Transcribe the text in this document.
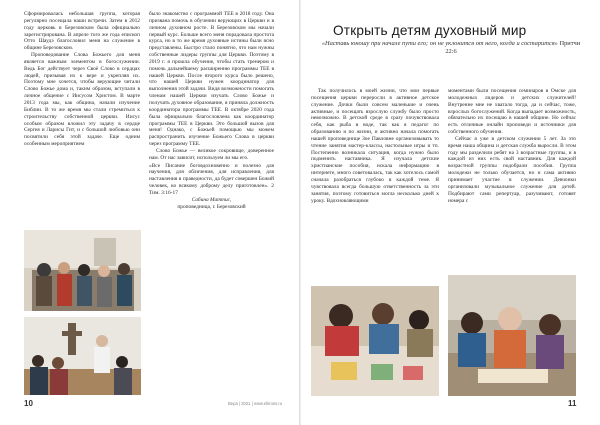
Сформировалась небольшая группа, которая регулярно посещала наши встречи. Затем в 2012 году церковь в Березовском была официально зарегистрирована. В апреле того же года епископ Отто Шаудэ благословил меня на служение в общине Березовском.

Проповедование Слова Божьего для меня является важным элементом в богослужении. Ведь Бог действует через Своё Слово в сердцах людей, призывая их к вере и укрепляя их. Поэтому мне хочется, чтобы верующие читали Слово Божье дома и, таким образом, вступали в личное общение с Иисусом Христом. В марте 2013 года мы, как община, начали изучение Библии. В то же время мы стали стремиться к строительству собственной церкви. Иисус особым образом вложил эту задачу в сердце Сергея и Ларисы Гит, и с большой любовью они посвятили себя этой задаче. Еще одним особенным мероприятием

было знакомство с программой ТЕЕ в 2018 году. Она призвана помочь в обучении верующих в Церкви и в личном духовном росте. В Березовском мы начали первый курс. Больше всего меня порадовала простота курса, но в то же время духовные истины были ясно представлены. Быстро стало понятно, что нам нужны собственные лидеры группы для Церкви. Поэтому в 2019 г. я прошла обучение, чтобы стать тренером и помочь дальнейшему расширению программы ТЕЕ в нашей Церкви. После второго курса было решено, что нашей Церкви нужен координатор для выполнения этой задачи. Видя возможности помогать членам нашей Церкви изучать Слово Божье и получать духовное образование, я приняла должность координатора программы ТЕЕ. В октябре 2020 года была официально благословлена как координатор программы ТЕЕ в Церкви. Это большой вызов для меня! Однако, с Божьей помощью мы можем распространить изучение Божьего Слова в церкви через программу ТЕЕ.

Слово Божье — великое сокровище, доверенное нам. От нас зависит, используем ли мы его.

«Все Писание боговдохновенно и полезно для научения, для обличения, для исправления, для наставления в праведности, да будет совершен Божий человек, ко всякому доброму делу приготовлен». 2 Тим. 3:16-17

Сабина Маттис,

проповедница, г. Березовский

10	Вера | 2021 | www.elkruss.ru
Открыть детям духовный мир
«Наставь юношу при начале пути его; он не уклонится от него, когда и состарится» Притчи 22:6

Так получилось в моей жизни, что мои первые посещения церкви переросли в активное детское служение. Дочки были совсем маленькие и очень активные, и посещать взрослую службу было просто невозможно. В детской среде в сразу почувствовала себя, как рыба в воде, так как я педагог по образованию и по жизни, и активно начала помогать нашей проповеднице Зое Павловне организовывать то чтение занятия мастер-классы, настольные игры и тп. Постепенно возникала ситуация, когда нужно было подменить наставника. Я изучала детские христианские пособия, искала информацию в интернете, много советовалась, так как хотелось самой сначала разобраться глубоко в каждой теме. Я чувствовала всегда большую ответственность за эти занятия, поэтому готовиться могла несколько дней к уроку. Вдохновляющими

моментами были посещения семинаров в Омске для молодежных лидеров и детских служителей! Внутренне мне не хватало тогда, да и сейчас, тоже, взрослых богослужений. Когда выпадает возможность, обязательно их посещаю в нашей общине. Но сейчас есть отличные онлайн проповеди и источники для собственного обучения.

Сейчас я уже в детском служении 5 лет. За это время наша община и детская служба выросли. В этом году мы разделили ребят на 3 возрастные группы, и в каждой из них есть свой наставник. Для каждой возрастной группы подобрали пособия. Группа молодежи не только обучается, но и сама активно принимает участие в служении. Девчонки организовали музыкальное служение для детей. Подбирают сами репертуар, разучивают, готовят номера с

11
